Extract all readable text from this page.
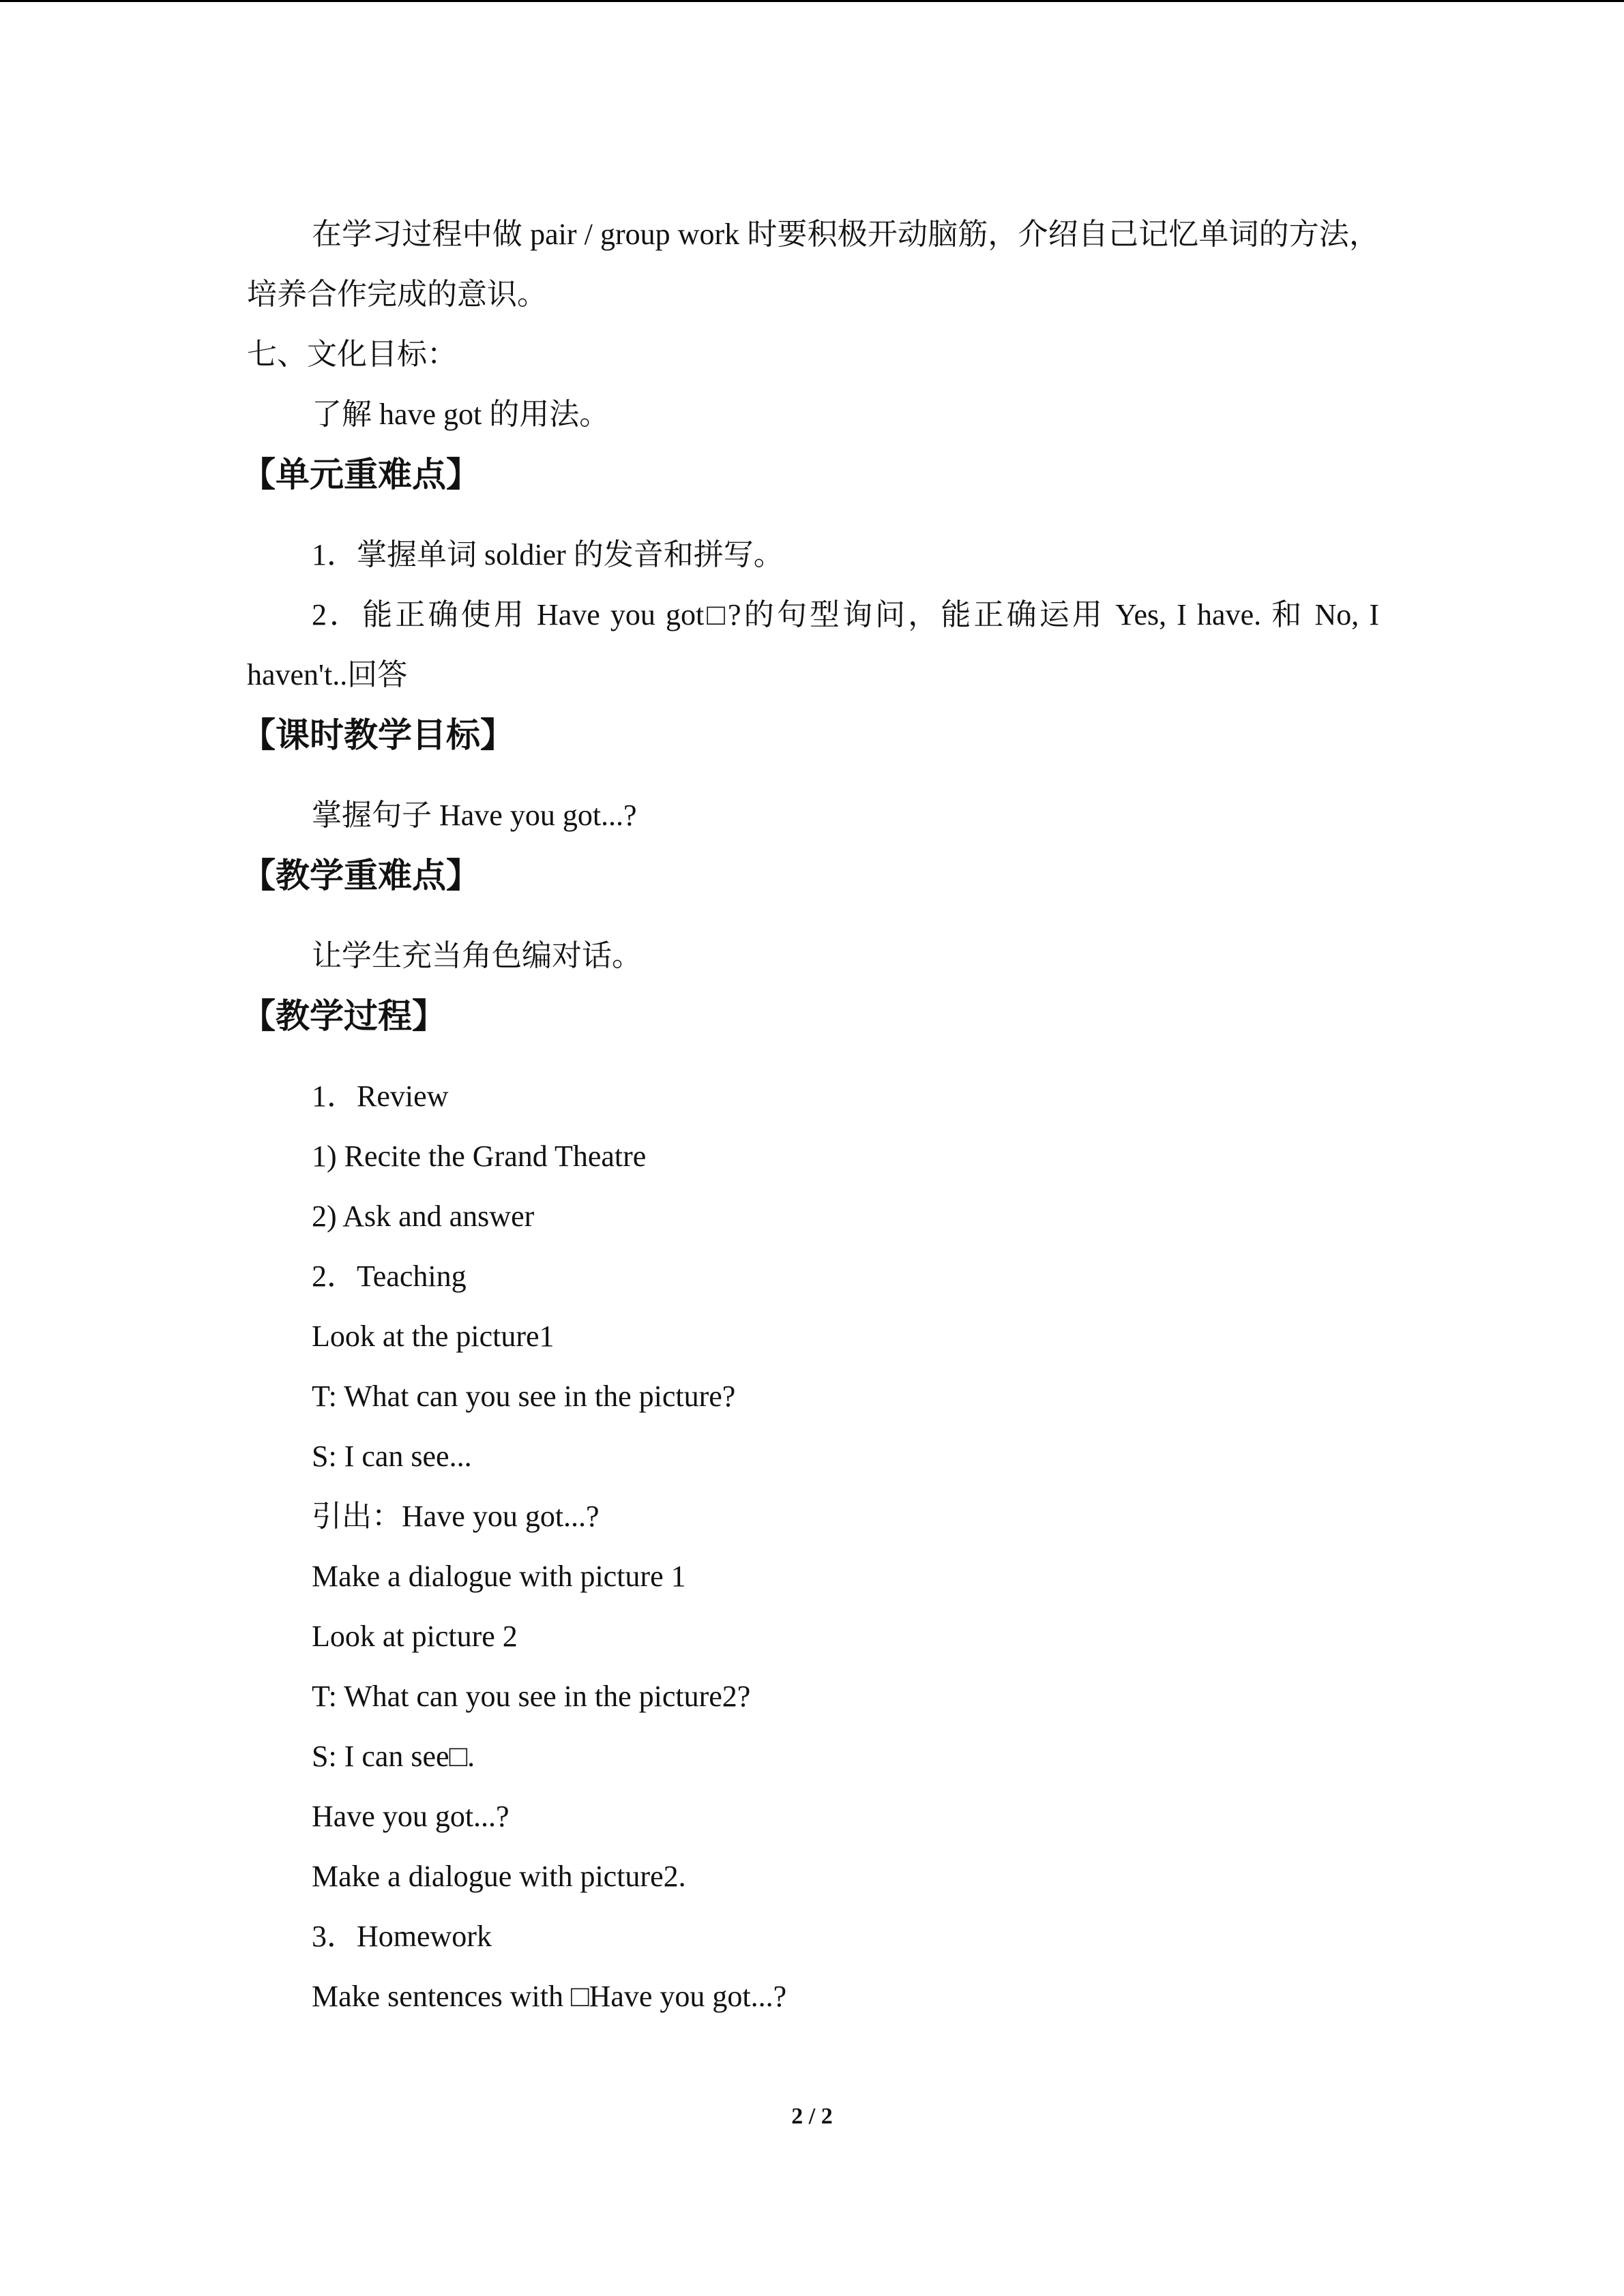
在学习过程中做 pair / group work 时要积极开动脑筋，介绍自己记忆单词的方法，培养合作完成的意识。

七、文化目标：

了解 have got 的用法。

【单元重难点】

1．掌握单词 soldier 的发音和拼写。

2．能正确使用 Have you got□?的句型询问，能正确运用 Yes, I have. 和 No, I haven't..回答

【课时教学目标】

掌握句子 Have you got...?

【教学重难点】

让学生充当角色编对话。

【教学过程】

1．Review

1) Recite the Grand Theatre

2) Ask and answer

2．Teaching

Look at the picture1

T: What can you see in the picture?

S: I can see...

引出：Have you got...?

Make a dialogue with picture 1

Look at picture 2

T: What can you see in the picture2?

S: I can see□.

Have you got...?

Make a dialogue with picture2.

3．Homework

Make sentences with □Have you got...?

2 / 2
